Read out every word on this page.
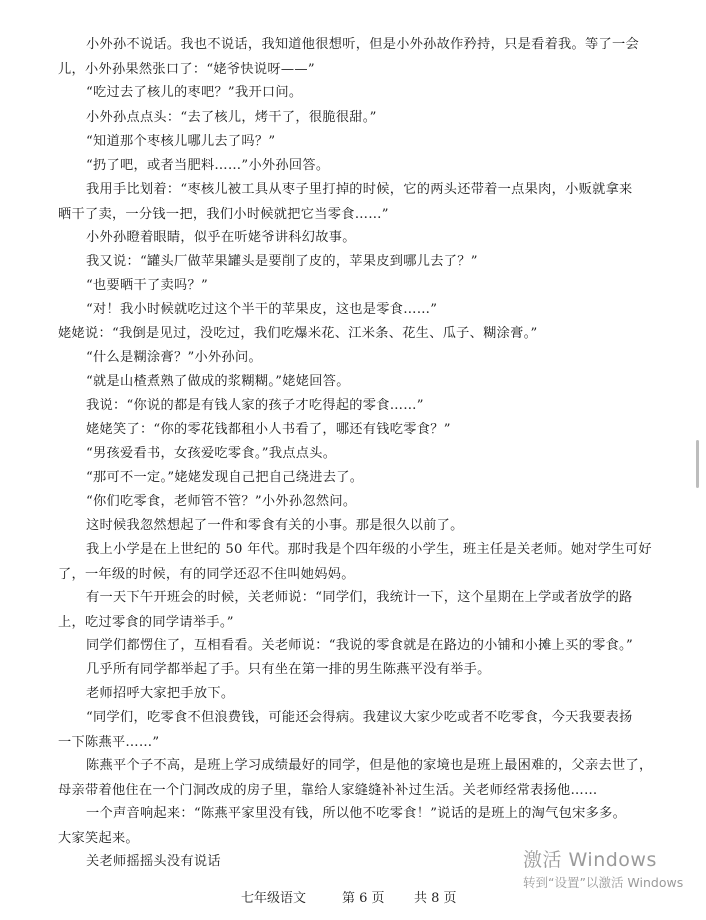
小外孙不说话。我也不说话，我知道他很想听，但是小外孙故作矜持，只是看着我。等了一会
儿，小外孙果然张口了：“姥爷快说呀——”
“吃过去了核儿的枣吧？”我开口问。
小外孙点点头：“去了核儿，烤干了，很脆很甜。”
“知道那个枣核儿哪儿去了吗？”
“扔了吧，或者当肥料……”小外孙回答。
我用手比划着：“枣核儿被工具从枣子里打掉的时候，它的两头还带着一点果肉，小贩就拿来
晒干了卖，一分钱一把，我们小时候就把它当零食……”
小外孙瞪着眼睛，似乎在听姥爷讲科幻故事。
我又说：“罐头厂做苹果罐头是要削了皮的，苹果皮到哪儿去了？”
“也要晒干了卖吗？”
“对！我小时候就吃过这个半干的苹果皮，这也是零食……”
姥姥说：“我倒是见过，没吃过，我们吃爆米花、江米条、花生、瓜子、糊涂膏。”
“什么是糊涂膏？”小外孙问。
“就是山楂煮熟了做成的浆糊糊。”姥姥回答。
我说：“你说的都是有钱人家的孩子才吃得起的零食……”
姥姥笑了：“你的零花钱都租小人书看了，哪还有钱吃零食？”
“男孩爱看书，女孩爱吃零食。”我点点头。
“那可不一定。”姥姥发现自己把自己绕进去了。
“你们吃零食，老师管不管？”小外孙忽然问。
这时候我忽然想起了一件和零食有关的小事。那是很久以前了。
我上小学是在上世纪的 50 年代。那时我是个四年级的小学生，班主任是关老师。她对学生可好
了，一年级的时候，有的同学还忍不住叫她妈妈。
有一天下午开班会的时候，关老师说：“同学们，我统计一下，这个星期在上学或者放学的路
上，吃过零食的同学请举手。”
同学们都愣住了，互相看看。关老师说：“我说的零食就是在路边的小铺和小摊上买的零食。”
几乎所有同学都举起了手。只有坐在第一排的男生陈燕平没有举手。
老师招呼大家把手放下。
“同学们，吃零食不但浪费钱，可能还会得病。我建议大家少吃或者不吃零食，今天我要表扬
一下陈燕平……”
陈燕平个子不高，是班上学习成绩最好的同学，但是他的家境也是班上最困难的，父亲去世了，
母亲带着他住在一个门洞改成的房子里，靠给人家缝缝补补过生活。关老师经常表扬他……
一个声音响起来：“陈燕平家里没有钱，所以他不吃零食！”说话的是班上的淘气包宋多多。
大家笑起来。
关老师摇摇头没有说话
七年级语文	第 6 页 共 8 页
激活 Windows
转到“设置”以激活 Windows
